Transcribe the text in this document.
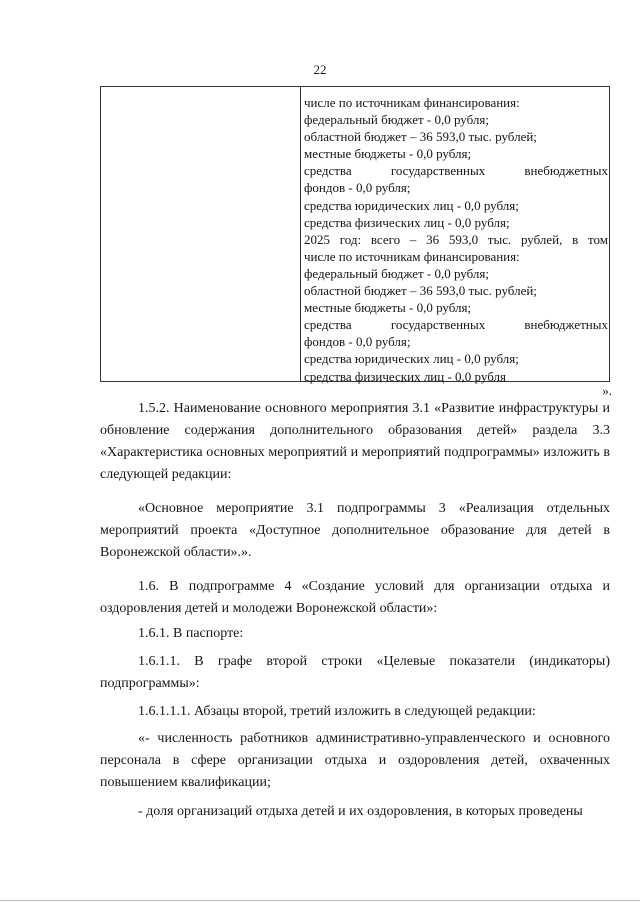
22
числе по источникам финансирования:
федеральный бюджет - 0,0 рубля;
областной бюджет – 36 593,0 тыс. рублей;
местные бюджеты - 0,0 рубля;
средства государственных внебюджетных
фондов - 0,0 рубля;
средства юридических лиц - 0,0 рубля;
средства физических лиц - 0,0 рубля;
2025 год: всего – 36 593,0 тыс. рублей, в том
числе по источникам финансирования:
федеральный бюджет - 0,0 рубля;
областной бюджет – 36 593,0 тыс. рублей;
местные бюджеты - 0,0 рубля;
средства государственных внебюджетных
фондов - 0,0 рубля;
средства юридических лиц - 0,0 рубля;
средства физических лиц - 0,0 рубля
».

1.5.2. Наименование основного мероприятия 3.1 «Развитие инфраструктуры и обновление содержания дополнительного образования детей» раздела 3.3 «Характеристика основных мероприятий и мероприятий подпрограммы» изложить в следующей редакции:

«Основное мероприятие 3.1 подпрограммы 3 «Реализация отдельных мероприятий проекта «Доступное дополнительное образование для детей в Воронежской области».».

1.6. В подпрограмме 4 «Создание условий для организации отдыха и оздоровления детей и молодежи Воронежской области»:

1.6.1. В паспорте:

1.6.1.1. В графе второй строки «Целевые показатели (индикаторы) подпрограммы»:

1.6.1.1.1. Абзацы второй, третий изложить в следующей редакции:

«- численность работников административно-управленческого и основного персонала в сфере организации отдыха и оздоровления детей, охваченных повышением квалификации;

- доля организаций отдыха детей и их оздоровления, в которых проведены
